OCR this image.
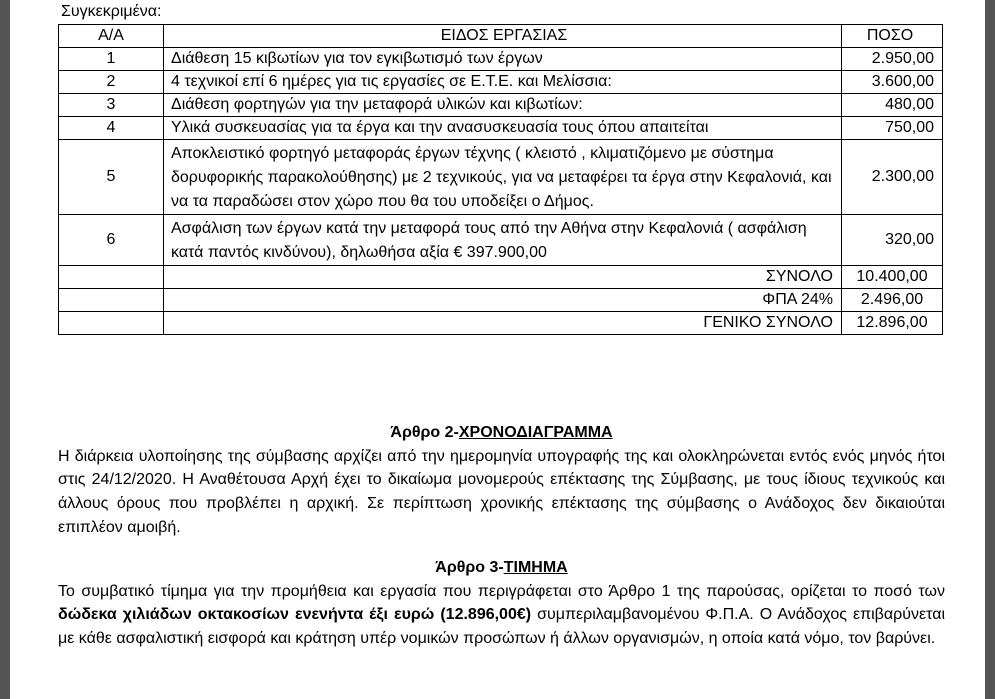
Συγκεκριμένα:
Α/Α	ΕΙΔΟΣ ΕΡΓΑΣΙΑΣ	ΠΟΣΟ
1	Διάθεση 15 κιβωτίων για τον εγκιβωτισμό των έργων	2.950,00
2	4 τεχνικοί επί 6 ημέρες για τις εργασίες σε Ε.Τ.Ε. και Μελίσσια:	3.600,00
3	Διάθεση φορτηγών για την μεταφορά υλικών και κιβωτίων:	480,00
4	Υλικά συσκευασίας για τα έργα και την ανασυσκευασία τους όπου απαιτείται	750,00
5	Αποκλειστικό φορτηγό μεταφοράς έργων τέχνης ( κλειστό , κλιματιζόμενο με σύστημα δορυφορικής παρακολούθησης) με 2 τεχνικούς, για να μεταφέρει τα έργα στην Κεφαλονιά, και να τα παραδώσει στον χώρο που θα του υποδείξει ο Δήμος.	2.300,00
6	Ασφάλιση των έργων κατά την μεταφορά τους από την Αθήνα στην Κεφαλονιά ( ασφάλιση κατά παντός κινδύνου), δηλωθήσα αξία € 397.900,00	320,00
	ΣΥΝΟΛΟ	10.400,00
	ΦΠΑ 24%	2.496,00
	ΓΕΝΙΚΟ ΣΥΝΟΛΟ	12.896,00

Άρθρο 2-ΧΡΟΝΟΔΙΑΓΡΑΜΜΑ

Η διάρκεια υλοποίησης της σύμβασης αρχίζει από την ημερομηνία υπογραφής της και ολοκληρώνεται εντός ενός μηνός ήτοι στις 24/12/2020. Η Αναθέτουσα Αρχή έχει το δικαίωμα μονομερούς επέκτασης της Σύμβασης, με τους ίδιους τεχνικούς και άλλους όρους που προβλέπει η αρχική. Σε περίπτωση χρονικής επέκτασης της σύμβασης ο Ανάδοχος δεν δικαιούται επιπλέον αμοιβή.

Άρθρο 3-ΤΙΜΗΜΑ

Το συμβατικό τίμημα για την προμήθεια και εργασία που περιγράφεται στο Άρθρο 1 της παρούσας, ορίζεται το ποσό των δώδεκα χιλιάδων οκτακοσίων ενενήντα έξι ευρώ (12.896,00€) συμπεριλαμβανομένου Φ.Π.Α. Ο Ανάδοχος επιβαρύνεται με κάθε ασφαλιστική εισφορά και κράτηση υπέρ νομικών προσώπων ή άλλων οργανισμών, η οποία κατά νόμο, τον βαρύνει.
